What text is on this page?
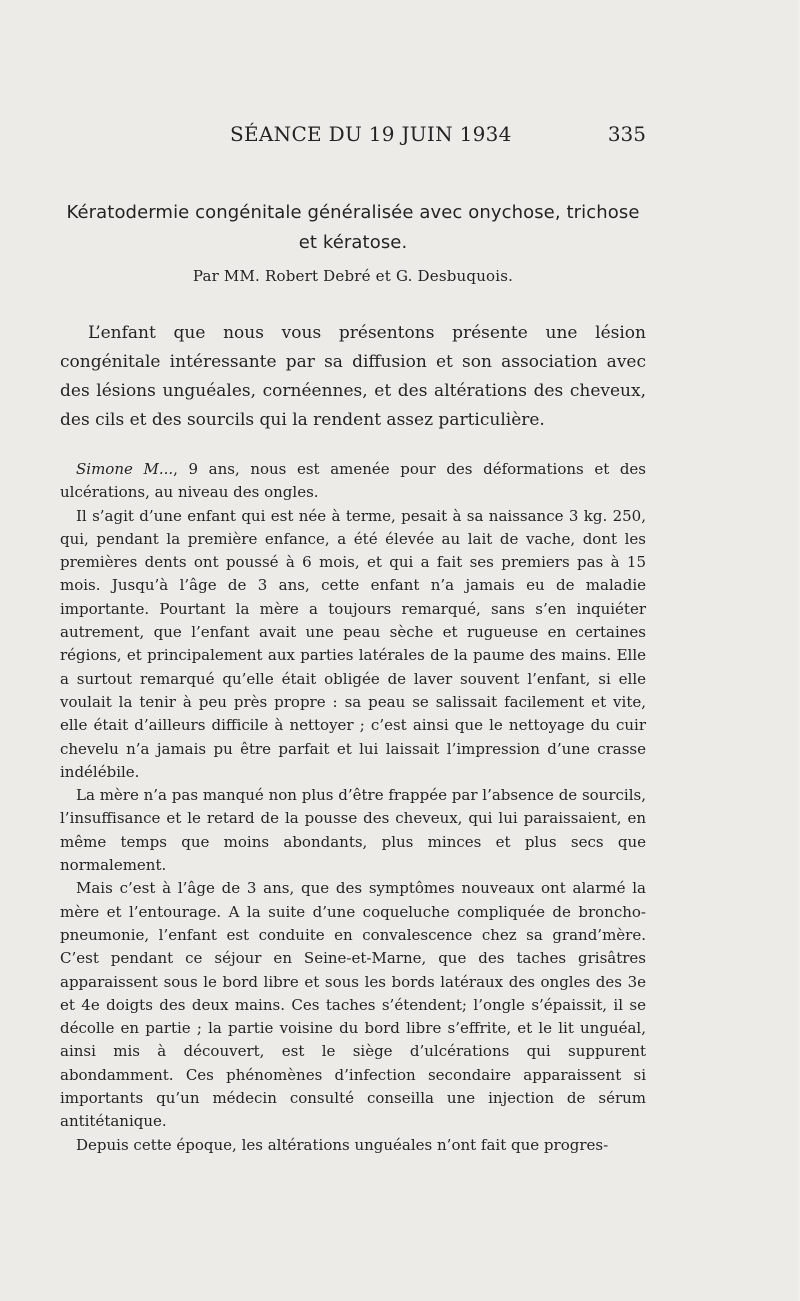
SÉANCE DU 19 JUIN 1934	335
Kératodermie congénitale généralisée avec onychose, trichose
et kératose.
Par MM. Robert Debré et G. Desbuquois.
L’enfant que nous vous présentons présente une lésion congénitale intéressante par sa diffusion et son association avec des lésions unguéales, cornéennes, et des altérations des cheveux, des cils et des sourcils qui la rendent assez particulière.

Simone M..., 9 ans, nous est amenée pour des déformations et des ulcérations, au niveau des ongles.

Il s’agit d’une enfant qui est née à terme, pesait à sa naissance 3 kg. 250, qui, pendant la première enfance, a été élevée au lait de vache, dont les premières dents ont poussé à 6 mois, et qui a fait ses premiers pas à 15 mois. Jusqu’à l’âge de 3 ans, cette enfant n’a jamais eu de maladie importante. Pourtant la mère a toujours remarqué, sans s’en inquiéter autrement, que l’enfant avait une peau sèche et rugueuse en certaines régions, et principalement aux parties latérales de la paume des mains. Elle a surtout remarqué qu’elle était obligée de laver souvent l’enfant, si elle voulait la tenir à peu près propre : sa peau se salissait facilement et vite, elle était d’ailleurs difficile à nettoyer ; c’est ainsi que le nettoyage du cuir chevelu n’a jamais pu être parfait et lui laissait l’impression d’une crasse indélébile.

La mère n’a pas manqué non plus d’être frappée par l’absence de sourcils, l’insuffisance et le retard de la pousse des cheveux, qui lui paraissaient, en même temps que moins abondants, plus minces et plus secs que normalement.

Mais c’est à l’âge de 3 ans, que des symptômes nouveaux ont alarmé la mère et l’entourage. A la suite d’une coqueluche compliquée de broncho-pneumonie, l’enfant est conduite en convalescence chez sa grand’mère. C’est pendant ce séjour en Seine-et-Marne, que des taches grisâtres apparaissent sous le bord libre et sous les bords latéraux des ongles des 3e et 4e doigts des deux mains. Ces taches s’étendent; l’ongle s’épaissit, il se décolle en partie ; la partie voisine du bord libre s’effrite, et le lit unguéal, ainsi mis à découvert, est le siège d’ulcérations qui suppurent abondamment. Ces phénomènes d’infection secondaire apparaissent si importants qu’un médecin consulté conseilla une injection de sérum antitétanique.

Depuis cette époque, les altérations unguéales n’ont fait que progres-
